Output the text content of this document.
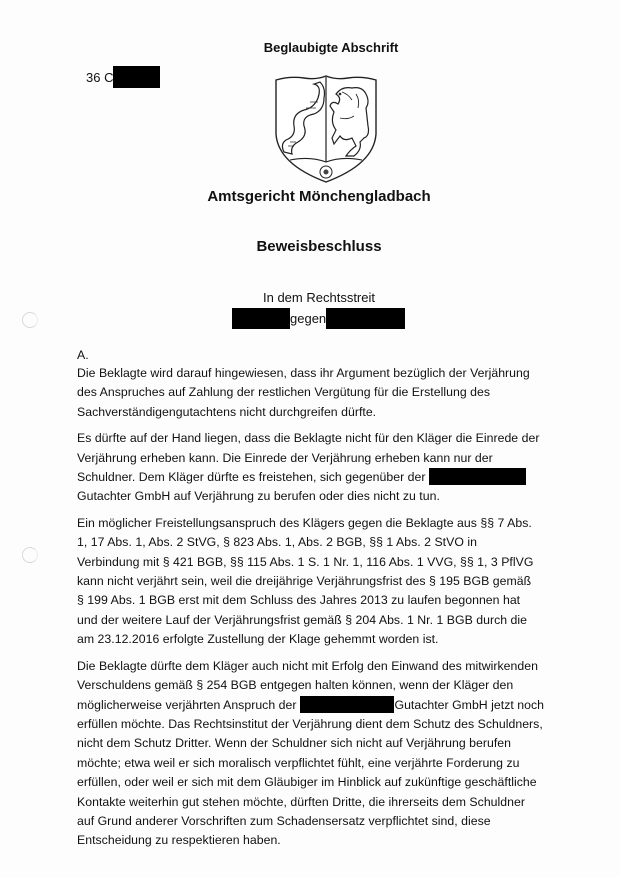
Beglaubigte Abschrift
36 C
Amtsgericht Mönchengladbach
Beweisbeschluss
In dem Rechtsstreit
gegen

A.

Die Beklagte wird darauf hingewiesen, dass ihr Argument bezüglich der Verjährung
des Anspruches auf Zahlung der restlichen Vergütung für die Erstellung des
Sachverständigengutachtens nicht durchgreifen dürfte.

Es dürfte auf der Hand liegen, dass die Beklagte nicht für den Kläger die Einrede der
Verjährung erheben kann. Die Einrede der Verjährung erheben kann nur der
Schuldner. Dem Kläger dürfte es freistehen, sich gegenüber der
Gutachter GmbH auf Verjährung zu berufen oder dies nicht zu tun.

Ein möglicher Freistellungsanspruch des Klägers gegen die Beklagte aus §§ 7 Abs.
1, 17 Abs. 1, Abs. 2 StVG, § 823 Abs. 1, Abs. 2 BGB, §§ 1 Abs. 2 StVO in
Verbindung mit § 421 BGB, §§ 115 Abs. 1 S. 1 Nr. 1, 116 Abs. 1 VVG, §§ 1, 3 PflVG
kann nicht verjährt sein, weil die dreijährige Verjährungsfrist des § 195 BGB gemäß
§ 199 Abs. 1 BGB erst mit dem Schluss des Jahres 2013 zu laufen begonnen hat
und der weitere Lauf der Verjährungsfrist gemäß § 204 Abs. 1 Nr. 1 BGB durch die
am 23.12.2016 erfolgte Zustellung der Klage gehemmt worden ist.

Die Beklagte dürfte dem Kläger auch nicht mit Erfolg den Einwand des mitwirkenden
Verschuldens gemäß § 254 BGB entgegen halten können, wenn der Kläger den
möglicherweise verjährten Anspruch der	Gutachter GmbH jetzt noch
erfüllen möchte. Das Rechtsinstitut der Verjährung dient dem Schutz des Schuldners,
nicht dem Schutz Dritter. Wenn der Schuldner sich nicht auf Verjährung berufen
möchte; etwa weil er sich moralisch verpflichtet fühlt, eine verjährte Forderung zu
erfüllen, oder weil er sich mit dem Gläubiger im Hinblick auf zukünftige geschäftliche
Kontakte weiterhin gut stehen möchte, dürften Dritte, die ihrerseits dem Schuldner
auf Grund anderer Vorschriften zum Schadensersatz verpflichtet sind, diese
Entscheidung zu respektieren haben.
